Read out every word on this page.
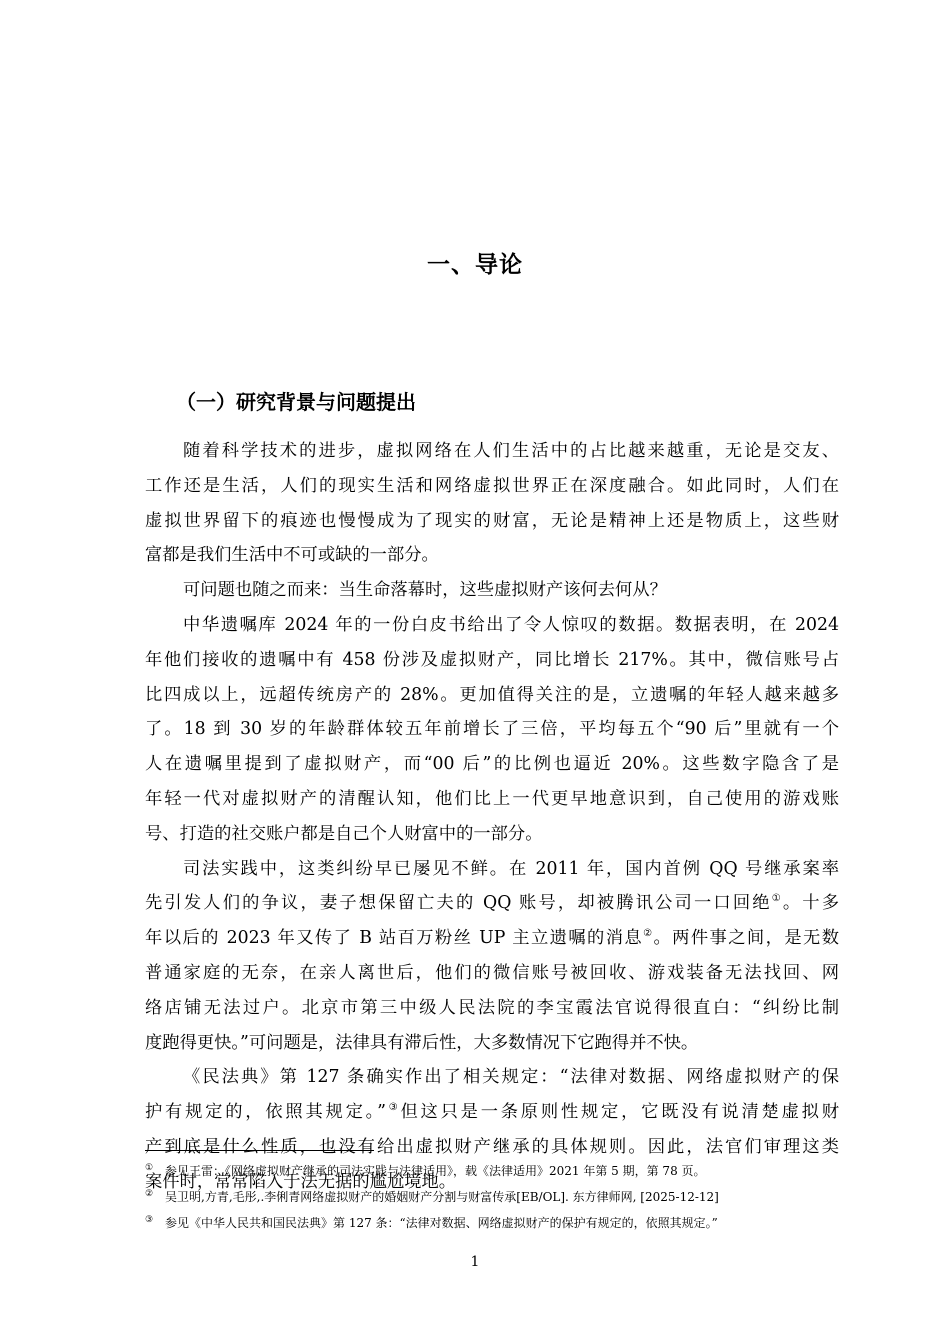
一、导论
（一）研究背景与问题提出
随着科学技术的进步，虚拟网络在人们生活中的占比越来越重，无论是交友、
工作还是生活，人们的现实生活和网络虚拟世界正在深度融合。如此同时，人们在
虚拟世界留下的痕迹也慢慢成为了现实的财富，无论是精神上还是物质上，这些财
富都是我们生活中不可或缺的一部分。
可问题也随之而来：当生命落幕时，这些虚拟财产该何去何从？
中华遗嘱库 2024 年的一份白皮书给出了令人惊叹的数据。数据表明，在 2024
年他们接收的遗嘱中有 458 份涉及虚拟财产，同比增长 217%。其中，微信账号占
比四成以上，远超传统房产的 28%。更加值得关注的是，立遗嘱的年轻人越来越多
了。18 到 30 岁的年龄群体较五年前增长了三倍，平均每五个“90 后”里就有一个
人在遗嘱里提到了虚拟财产，而“00 后”的比例也逼近 20%。这些数字隐含了是
年轻一代对虚拟财产的清醒认知，他们比上一代更早地意识到，自己使用的游戏账
号、打造的社交账户都是自己个人财富中的一部分。
司法实践中，这类纠纷早已屡见不鲜。在 2011 年，国内首例 QQ 号继承案率
先引发人们的争议，妻子想保留亡夫的 QQ 账号，却被腾讯公司一口回绝①。十多
年以后的 2023 年又传了 B 站百万粉丝 UP 主立遗嘱的消息②。两件事之间，是无数
普通家庭的无奈，在亲人离世后，他们的微信账号被回收、游戏装备无法找回、网
络店铺无法过户。北京市第三中级人民法院的李宝霞法官说得很直白：“纠纷比制
度跑得更快。”可问题是，法律具有滞后性，大多数情况下它跑得并不快。
《民法典》第 127 条确实作出了相关规定：“法律对数据、网络虚拟财产的保
护有规定的，依照其规定。”③但这只是一条原则性规定，它既没有说清楚虚拟财
产到底是什么性质，也没有给出虚拟财产继承的具体规则。因此，法官们审理这类
案件时，常常陷入于法无据的尴尬境地。
① 参见王雷：《网络虚拟财产继承的司法实践与法律适用》，载《法律适用》2021 年第 5 期，第 78 页。
② 吴卫明,方青,毛彤,.李俐青网络虚拟财产的婚姻财产分割与财富传承[EB/OL]. 东方律师网, [2025-12-12]
③ 参见《中华人民共和国民法典》第 127 条：“法律对数据、网络虚拟财产的保护有规定的，依照其规定。”
1
